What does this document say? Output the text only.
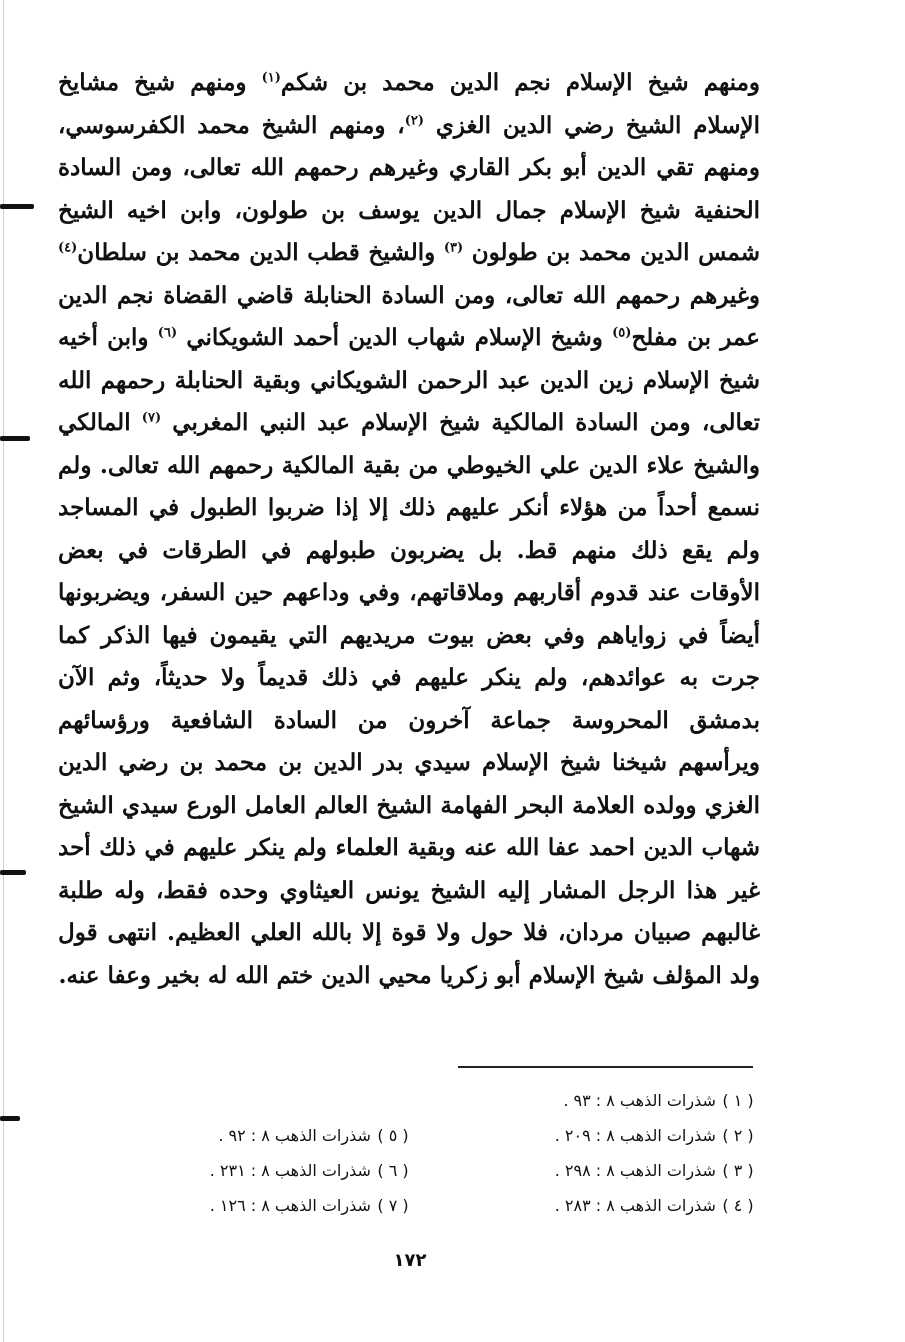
ومنهم شيخ الإسلام نجم الدين محمد بن شكم$^{(١)}$ ومنهم شيخ مشايخ الإسلام الشيخ رضي الدين الغزي $^{(٢)}$، ومنهم الشيخ محمد الكفرسوسي، ومنهم تقي الدين أبو بكر القاري وغيرهم رحمهم الله تعالى، ومن السادة الحنفية شيخ الإسلام جمال الدين يوسف بن طولون، وابن اخيه الشيخ شمس الدين محمد بن طولون $^{(٣)}$ والشيخ قطب الدين محمد بن سلطان$^{(٤)}$ وغيرهم رحمهم الله تعالى، ومن السادة الحنابلة قاضي القضاة نجم الدين عمر بن مفلح$^{(٥)}$ وشيخ الإسلام شهاب الدين أحمد الشويكاني $^{(٦)}$ وابن أخيه شيخ الإسلام زين الدين عبد الرحمن الشويكاني وبقية الحنابلة رحمهم الله تعالى، ومن السادة المالكية شيخ الإسلام عبد النبي المغربي $^{(٧)}$ المالكي والشيخ علاء الدين علي الخيوطي من بقية المالكية رحمهم الله تعالى. ولم نسمع أحداً من هؤلاء أنكر عليهم ذلك إلا إذا ضربوا الطبول في المساجد ولم يقع ذلك منهم قط. بل يضربون طبولهم في الطرقات في بعض الأوقات عند قدوم أقاربهم وملاقاتهم، وفي وداعهم حين السفر، ويضربونها أيضاً في زواياهم وفي بعض بيوت مريديهم التي يقيمون فيها الذكر كما جرت به عوائدهم، ولم ينكر عليهم في ذلك قديماً ولا حديثاً، وثم الآن بدمشق المحروسة جماعة آخرون من السادة الشافعية ورؤسائهم ويرأسهم شيخنا شيخ الإسلام سيدي بدر الدين بن محمد بن رضي الدين الغزي وولده العلامة البحر الفهامة الشيخ العالم العامل الورع سيدي الشيخ شهاب الدين احمد عفا الله عنه وبقية العلماء ولم ينكر عليهم في ذلك أحد غير هذا الرجل المشار إليه الشيخ يونس العيثاوي وحده فقط، وله طلبة غالبهم صبيان مردان، فلا حول ولا قوة إلا بالله العلي العظيم. انتهى قول ولد المؤلف شيخ الإسلام أبو زكريا محيي الدين ختم الله له بخير وعفا عنه.
( ١ ) شذرات الذهب ٨ : ٩٣ .
( ٢ ) شذرات الذهب ٨ : ٢٠٩ .
( ٣ ) شذرات الذهب ٨ : ٢٩٨ .
( ٤ ) شذرات الذهب ٨ : ٢٨٣ .
( ٥ ) شذرات الذهب ٨ : ٩٢ .
( ٦ ) شذرات الذهب ٨ : ٢٣١ .
( ٧ ) شذرات الذهب ٨ : ١٢٦ .
١٧٢
